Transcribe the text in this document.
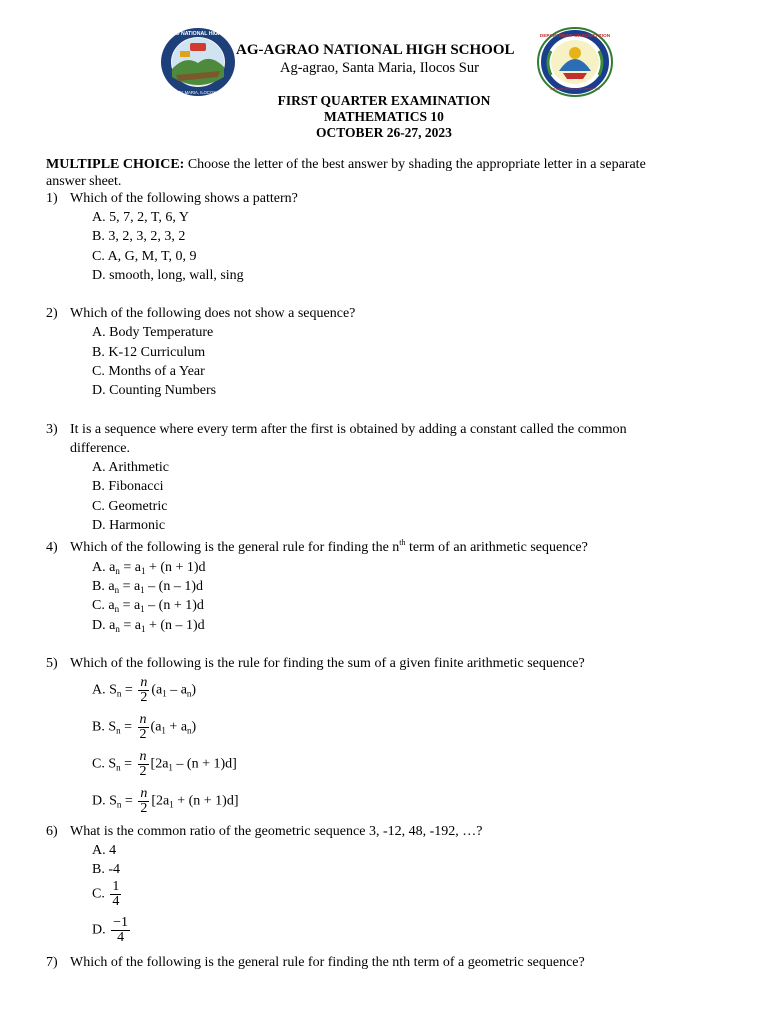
AG-AGRAO NATIONAL HIGH SCHOOL
SANTA MARIA, ILOCOS SUR
DEPARTMENT OF EDUCATION
Schools Division of Ilocos Sur
AG-AGRAO NATIONAL HIGH SCHOOL
Ag-agrao, Santa Maria, Ilocos Sur
FIRST QUARTER EXAMINATION
MATHEMATICS 10
OCTOBER 26-27, 2023
MULTIPLE CHOICE: Choose the letter of the best answer by shading the appropriate letter in a separate
answer sheet.
1) Which of the following shows a pattern?
A. 5, 7, 2, T, 6, Y
B. 3, 2, 3, 2, 3, 2
C. A, G, M, T, 0, 9
D. smooth, long, wall, sing
2) Which of the following does not show a sequence?
A. Body Temperature
B. K-12 Curriculum
C. Months of a Year
D. Counting Numbers
3) It is a sequence where every term after the first is obtained by adding a constant called the common
difference.
A. Arithmetic
B. Fibonacci
C. Geometric
D. Harmonic
4) Which of the following is the general rule for finding the $n^{th}$ term of an arithmetic sequence?
A. $a_n = a_1 + (n + 1)d$
B. $a_n = a_1 - (n - 1)d$
C. $a_n = a_1 - (n + 1)d$
D. $a_n = a_1 + (n - 1)d$
5) Which of the following is the rule for finding the sum of a given finite arithmetic sequence?
A. $S_n = \frac{n}{2} (a_1 - a_n)$
B. $S_n = \frac{n}{2} (a_1 + a_n)$
C. $S_n = \frac{n}{2} [2a_1 - (n + 1)d]$
D. $S_n = \frac{n}{2} [2a_1 + (n + 1)d]$
6) What is the common ratio of the geometric sequence 3, -12, 48, -192, …?
A. 4
B. -4
C. $\frac{1}{4}$
D. $\frac{-1}{4}$
7) Which of the following is the general rule for finding the nth term of a geometric sequence?
